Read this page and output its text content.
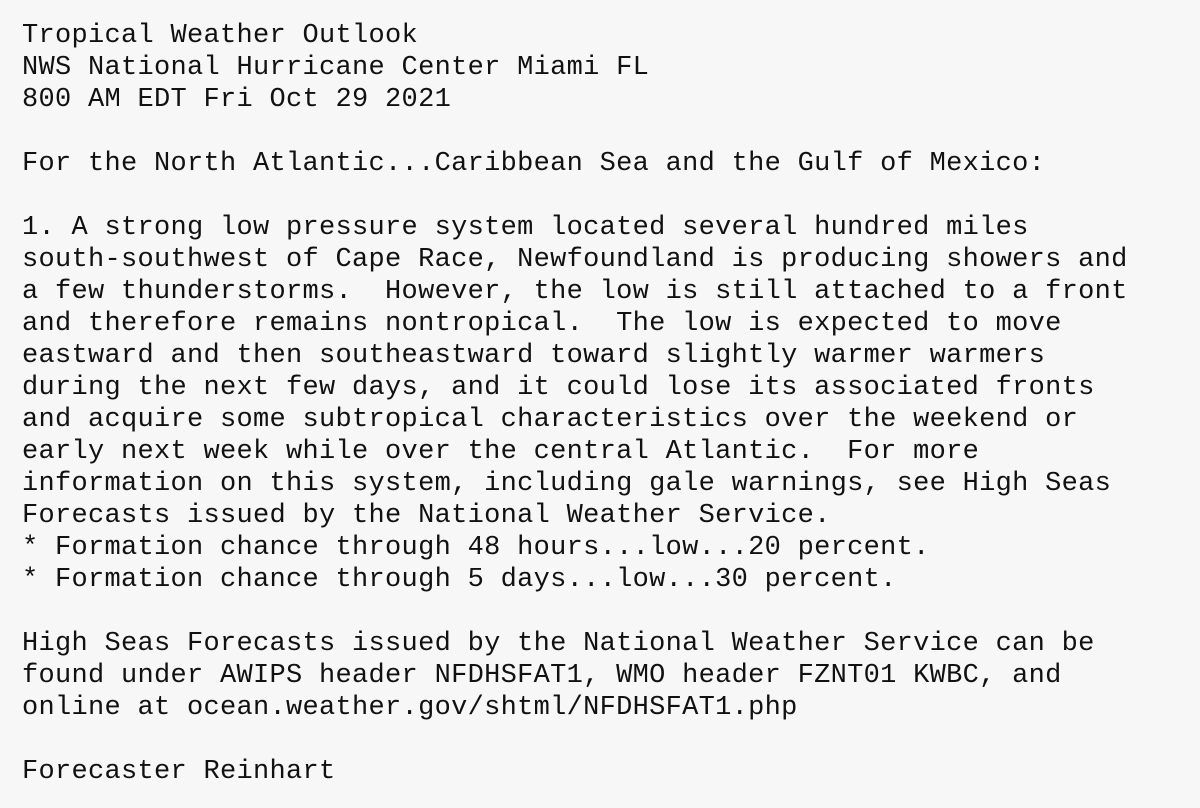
Tropical Weather Outlook
NWS National Hurricane Center Miami FL
800 AM EDT Fri Oct 29 2021
For the North Atlantic...Caribbean Sea and the Gulf of Mexico:
1. A strong low pressure system located several hundred miles
south-southwest of Cape Race, Newfoundland is producing showers and
a few thunderstorms.  However, the low is still attached to a front
and therefore remains nontropical.  The low is expected to move
eastward and then southeastward toward slightly warmer warmers
during the next few days, and it could lose its associated fronts
and acquire some subtropical characteristics over the weekend or
early next week while over the central Atlantic.  For more
information on this system, including gale warnings, see High Seas
Forecasts issued by the National Weather Service.
* Formation chance through 48 hours...low...20 percent.
* Formation chance through 5 days...low...30 percent.
High Seas Forecasts issued by the National Weather Service can be
found under AWIPS header NFDHSFAT1, WMO header FZNT01 KWBC, and
online at ocean.weather.gov/shtml/NFDHSFAT1.php
Forecaster Reinhart
